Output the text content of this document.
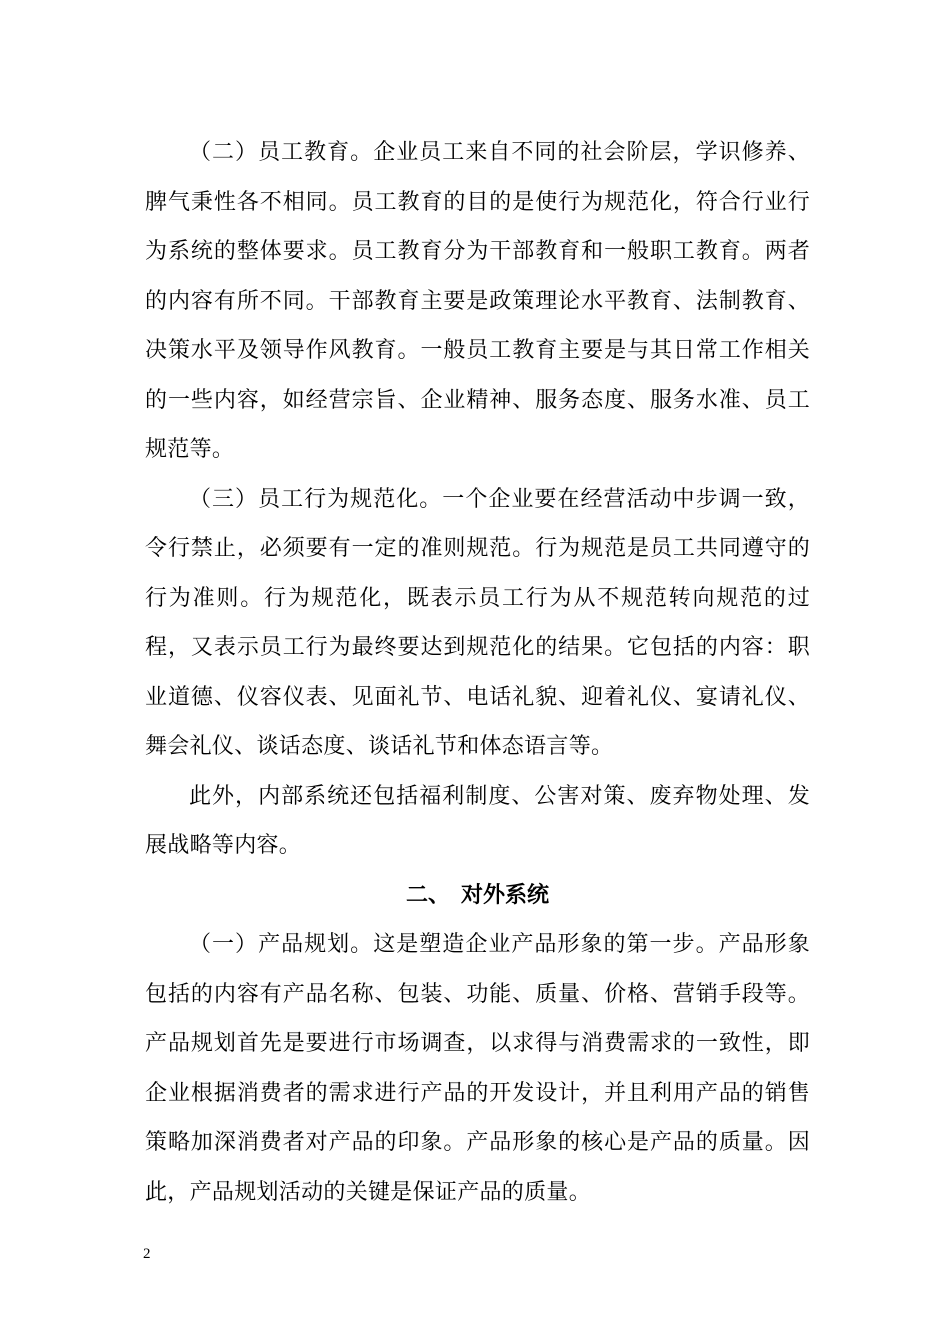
（二）员工教育。企业员工来自不同的社会阶层，学识修养、脾气秉性各不相同。员工教育的目的是使行为规范化，符合行业行为系统的整体要求。员工教育分为干部教育和一般职工教育。两者的内容有所不同。干部教育主要是政策理论水平教育、法制教育、决策水平及领导作风教育。一般员工教育主要是与其日常工作相关的一些内容，如经营宗旨、企业精神、服务态度、服务水准、员工规范等。

（三）员工行为规范化。一个企业要在经营活动中步调一致，令行禁止，必须要有一定的准则规范。行为规范是员工共同遵守的行为准则。行为规范化，既表示员工行为从不规范转向规范的过程，又表示员工行为最终要达到规范化的结果。它包括的内容：职业道德、仪容仪表、见面礼节、电话礼貌、迎着礼仪、宴请礼仪、舞会礼仪、谈话态度、谈话礼节和体态语言等。

此外，内部系统还包括福利制度、公害对策、废弃物处理、发展战略等内容。

二、　对外系统

（一）产品规划。这是塑造企业产品形象的第一步。产品形象包括的内容有产品名称、包装、功能、质量、价格、营销手段等。产品规划首先是要进行市场调查，以求得与消费需求的一致性，即企业根据消费者的需求进行产品的开发设计，并且利用产品的销售策略加深消费者对产品的印象。产品形象的核心是产品的质量。因此，产品规划活动的关键是保证产品的质量。

2
